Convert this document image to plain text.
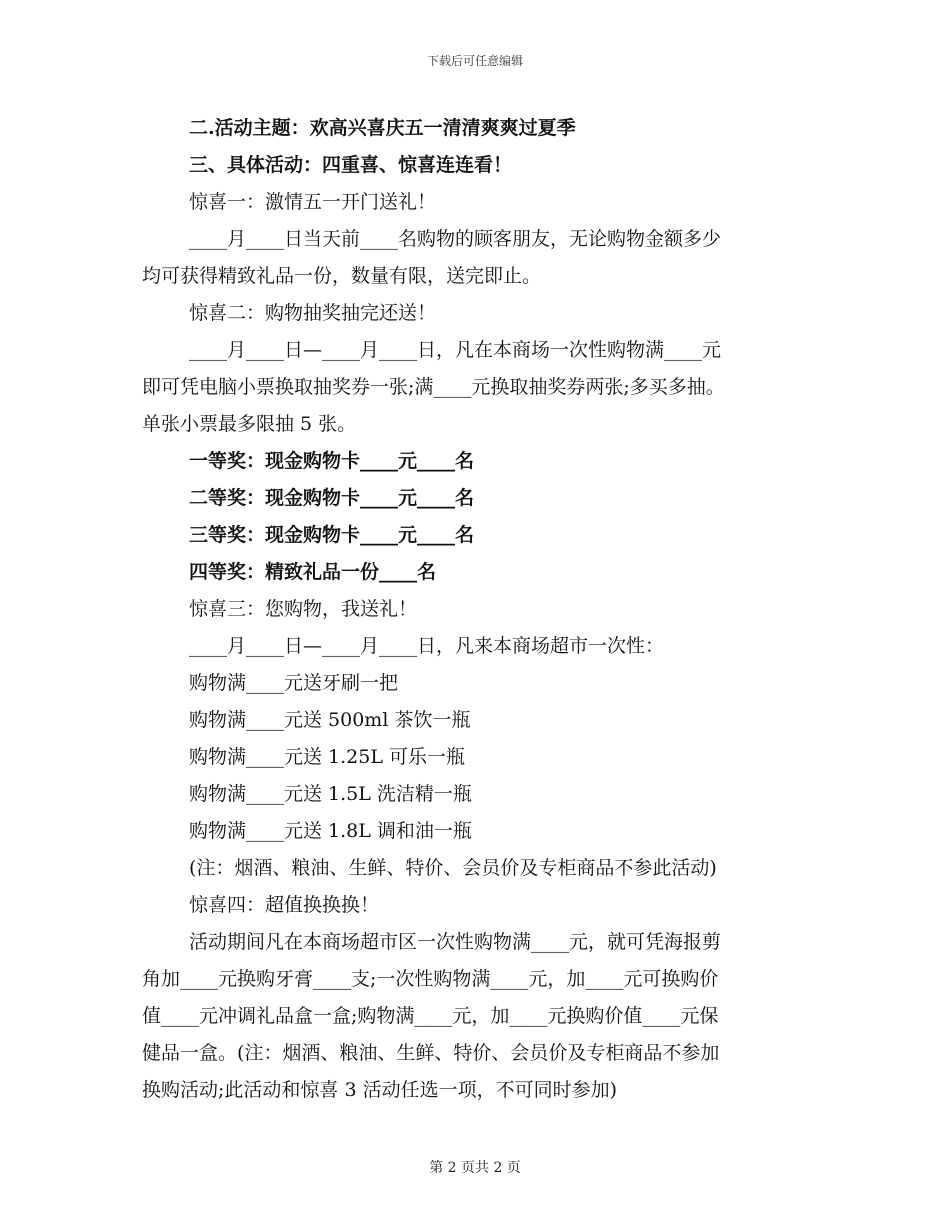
下载后可任意编辑
二.活动主题：欢高兴喜庆五一清清爽爽过夏季
三、具体活动：四重喜、惊喜连连看！
惊喜一：激情五一开门送礼！
____月____日当天前____名购物的顾客朋友，无论购物金额多少
均可获得精致礼品一份，数量有限，送完即止。
惊喜二：购物抽奖抽完还送！
____月____日—____月____日，凡在本商场一次性购物满____元
即可凭电脑小票换取抽奖券一张;满____元换取抽奖券两张;多买多抽。
单张小票最多限抽 5 张。
一等奖：现金购物卡____元____名
二等奖：现金购物卡____元____名
三等奖：现金购物卡____元____名
四等奖：精致礼品一份____名
惊喜三：您购物，我送礼！
____月____日—____月____日，凡来本商场超市一次性：
购物满____元送牙刷一把
购物满____元送 500ml 茶饮一瓶
购物满____元送 1.25L 可乐一瓶
购物满____元送 1.5L 洗洁精一瓶
购物满____元送 1.8L 调和油一瓶
(注：烟酒、粮油、生鲜、特价、会员价及专柜商品不参此活动)
惊喜四：超值换换换！
活动期间凡在本商场超市区一次性购物满____元，就可凭海报剪
角加____元换购牙膏____支;一次性购物满____元，加____元可换购价
值____元冲调礼品盒一盒;购物满____元，加____元换购价值____元保
健品一盒。(注：烟酒、粮油、生鲜、特价、会员价及专柜商品不参加
换购活动;此活动和惊喜 3 活动任选一项，不可同时参加)
第 2 页共 2 页
